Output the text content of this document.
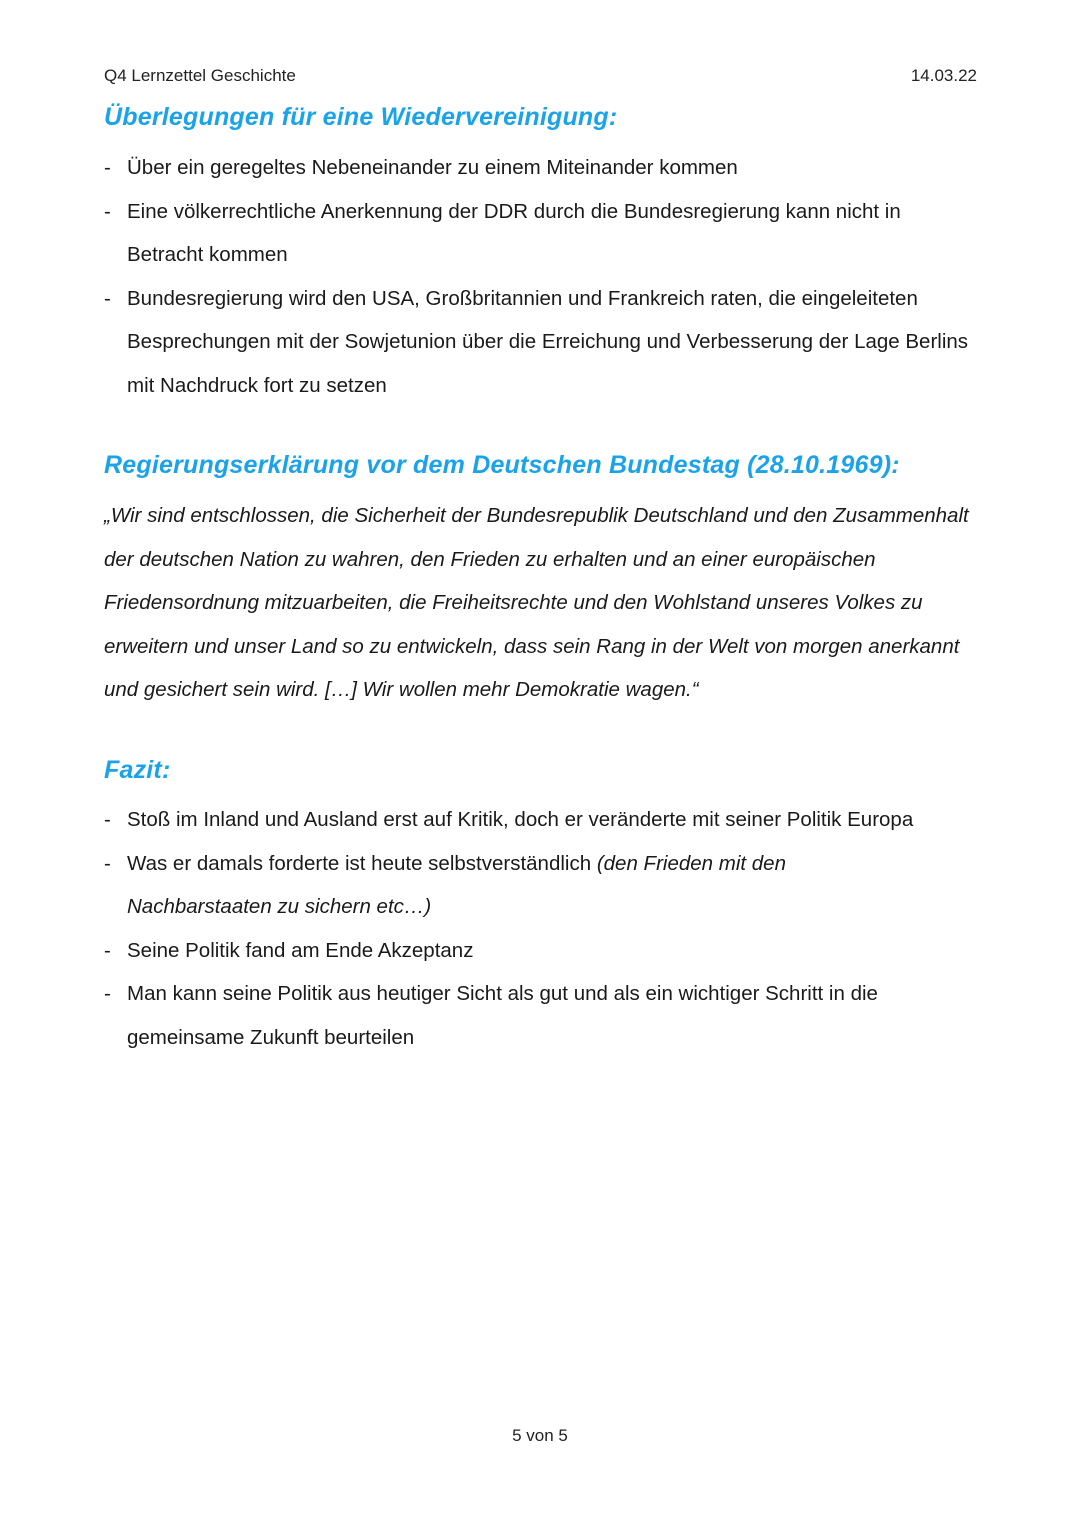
Q4 Lernzettel Geschichte	14.03.22
Überlegungen für eine Wiedervereinigung:
- Über ein geregeltes Nebeneinander zu einem Miteinander kommen
- Eine völkerrechtliche Anerkennung der DDR durch die Bundesregierung kann nicht in Betracht kommen
- Bundesregierung wird den USA, Großbritannien und Frankreich raten, die eingeleiteten Besprechungen mit der Sowjetunion über die Erreichung und Verbesserung der Lage Berlins mit Nachdruck fort zu setzen
Regierungserklärung vor dem Deutschen Bundestag (28.10.1969):
„Wir sind entschlossen, die Sicherheit der Bundesrepublik Deutschland und den Zusammenhalt der deutschen Nation zu wahren, den Frieden zu erhalten und an einer europäischen Friedensordnung mitzuarbeiten, die Freiheitsrechte und den Wohlstand unseres Volkes zu erweitern und unser Land so zu entwickeln, dass sein Rang in der Welt von morgen anerkannt und gesichert sein wird. […] Wir wollen mehr Demokratie wagen.“
Fazit:
- Stoß im Inland und Ausland erst auf Kritik, doch er veränderte mit seiner Politik Europa
- Was er damals forderte ist heute selbstverständlich (den Frieden mit den Nachbarstaaten zu sichern etc…)
- Seine Politik fand am Ende Akzeptanz
- Man kann seine Politik aus heutiger Sicht als gut und als ein wichtiger Schritt in die gemeinsame Zukunft beurteilen
5 von 5
